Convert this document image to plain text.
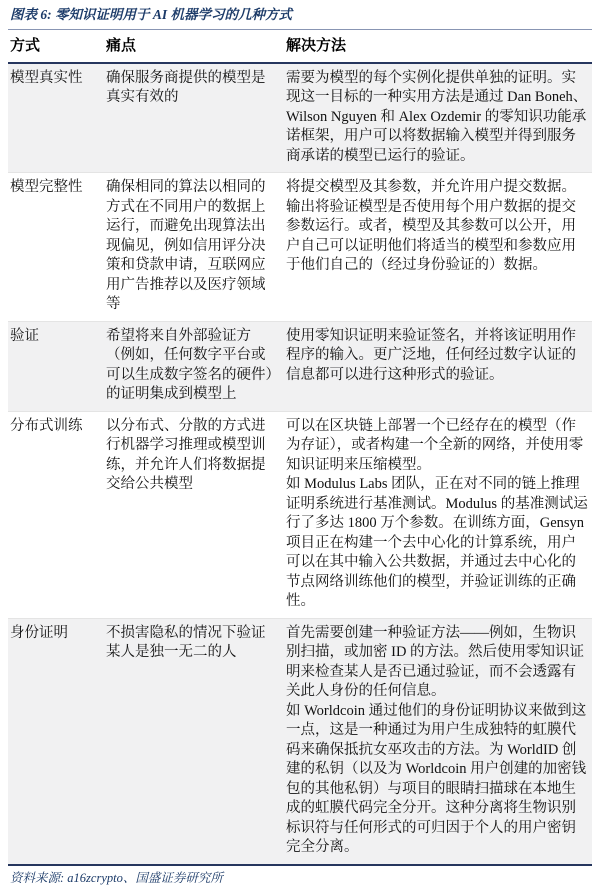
图表 6: 零知识证明用于 AI 机器学习的几种方式
方式	痛点	解决方法
模型真实性	确保服务商提供的模型是真实有效的	需要为模型的每个实例化提供单独的证明。实现这一目标的一种实用方法是通过 Dan Boneh、Wilson Nguyen 和 Alex Ozdemir 的零知识功能承诺框架，用户可以将数据输入模型并得到服务商承诺的模型已运行的验证。

模型完整性	确保相同的算法以相同的方式在不同用户的数据上运行，而避免出现算法出现偏见，例如信用评分决策和贷款申请，互联网应用广告推荐以及医疗领域等	将提交模型及其参数，并允许用户提交数据。输出将验证模型是否使用每个用户数据的提交参数运行。或者，模型及其参数可以公开，用户自己可以证明他们将适当的模型和参数应用于他们自己的（经过身份验证的）数据。

验证	希望将来自外部验证方（例如，任何数字平台或可以生成数字签名的硬件）的证明集成到模型上	使用零知识证明来验证签名，并将该证明用作程序的输入。更广泛地，任何经过数字认证的信息都可以进行这种形式的验证。

分布式训练	以分布式、分散的方式进行机器学习推理或模型训练，并允许人们将数据提交给公共模型	可以在区块链上部署一个已经存在的模型（作为存证），或者构建一个全新的网络，并使用零知识证明来压缩模型。
如 Modulus Labs 团队，正在对不同的链上推理证明系统进行基准测试。Modulus 的基准测试运行了多达 1800 万个参数。在训练方面，Gensyn 项目正在构建一个去中心化的计算系统，用户可以在其中输入公共数据，并通过去中心化的节点网络训练他们的模型，并验证训练的正确性。

身份证明	不损害隐私的情况下验证某人是独一无二的人	首先需要创建一种验证方法——例如，生物识别扫描，或加密 ID 的方法。然后使用零知识证明来检查某人是否已通过验证，而不会透露有关此人身份的任何信息。
如 Worldcoin 通过他们的身份证明协议来做到这一点，这是一种通过为用户生成独特的虹膜代码来确保抵抗女巫攻击的方法。为 WorldID 创建的私钥（以及为 Worldcoin 用户创建的加密钱包的其他私钥）与项目的眼睛扫描球在本地生成的虹膜代码完全分开。这种分离将生物识别标识符与任何形式的可归因于个人的用户密钥完全分离。
资料来源: a16zcrypto、国盛证券研究所
